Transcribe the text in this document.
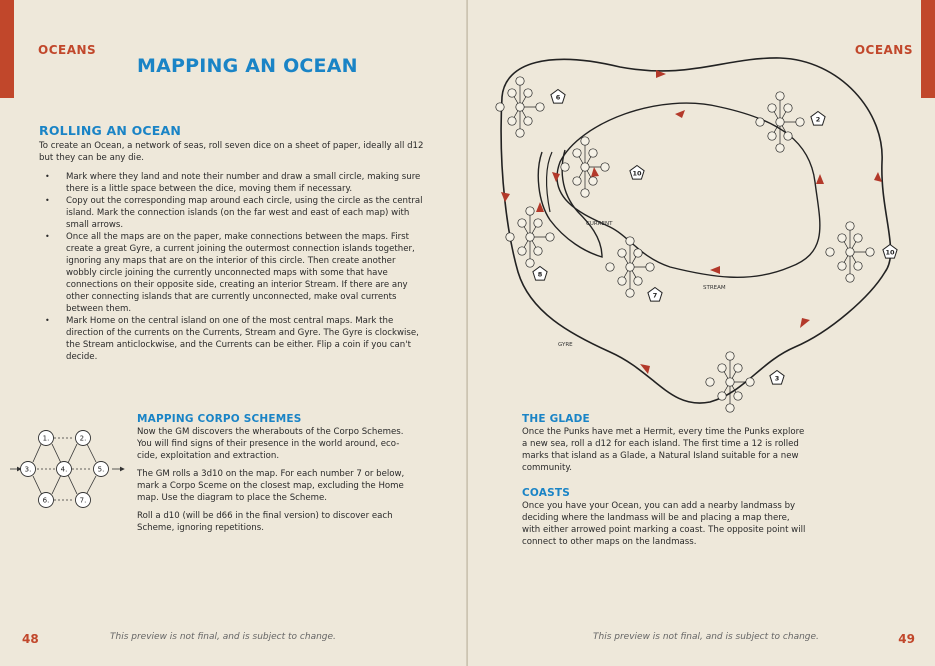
OCEANS
MAPPING AN OCEAN
ROLLING AN OCEAN
To create an Ocean, a network of seas, roll seven dice on a sheet of paper, ideally all d12 but they can be any die.
• Mark where they land and note their number and draw a small circle, making sure there is a little space between the dice, moving them if necessary.
• Copy out the corresponding map around each circle, using the circle as the central island. Mark the connection islands (on the far west and east of each map) with small arrows.
• Once all the maps are on the paper, make connections between the maps. First create a great Gyre, a current joining the outermost connection islands together, ignoring any maps that are on the interior of this circle. Then create another wobbly circle joining the currently unconnected maps with some that have connections on their opposite side, creating an interior Stream. If there are any other connecting islands that are currently unconnected, make oval currents between them.
• Mark Home on the central island on one of the most central maps. Mark the direction of the currents on the Currents, Stream and Gyre. The Gyre is clockwise, the Stream anticlockwise, and the Currents can be either. Flip a coin if you can't decide.
1.	2.
3.	4.	5.
6.	7.
MAPPING CORPO SCHEMES

Now the GM discovers the wherabouts of the Corpo Schemes. You will find signs of their presence in the world around, eco-cide, exploitation and extraction.

The GM rolls a 3d10 on the map. For each number 7 or below, mark a Corpo Sceme on the closest map, excluding the Home map. Use the diagram to place the Scheme.

Roll a d10 (will be d66 in the final version) to discover each Scheme, ignoring repetitions.

48	This preview is not final, and is subject to change.
OCEANS
CURRENT
STREAM
GYRE
6
2
10
8
7
10
3
THE GLADE
Once the Punks have met a Hermit, every time the Punks explore a new sea, roll a d12 for each island. The first time a 12 is rolled marks that island as a Glade, a Natural Island suitable for a new community.
COASTS
Once you have your Ocean, you can add a nearby landmass by deciding where the landmass will be and placing a map there, with either arrowed point marking a coast. The opposite point will connect to other maps on the landmass.
This preview is not final, and is subject to change.	49
